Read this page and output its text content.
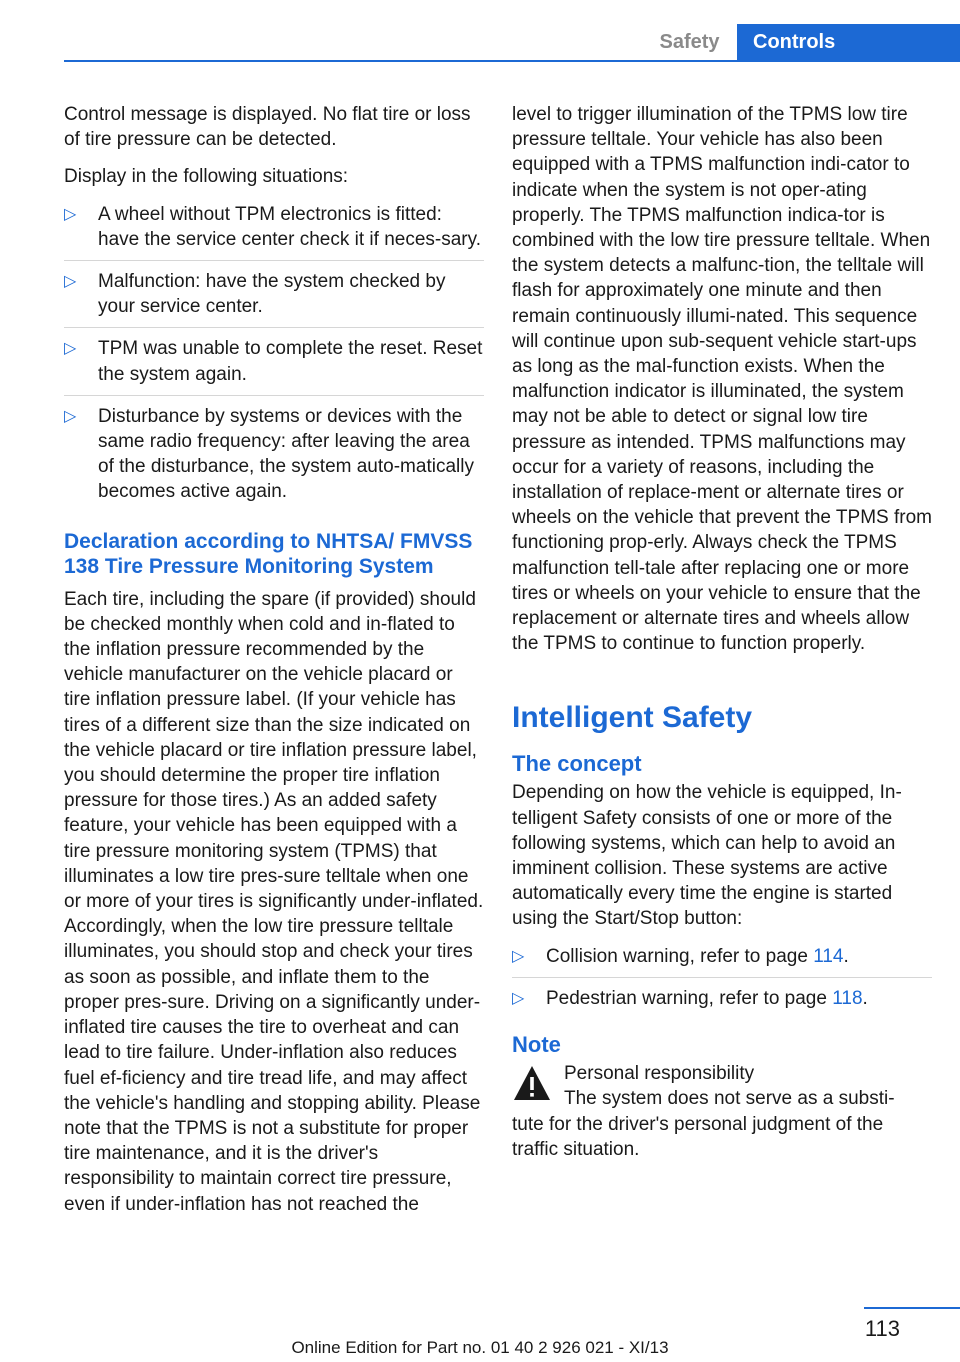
Safety	Controls

Control message is displayed. No flat tire or loss of tire pressure can be detected.

Display in the following situations:

▷ A wheel without TPM electronics is fitted: have the service center check it if neces‐sary.
▷ Malfunction: have the system checked by your service center.
▷ TPM was unable to complete the reset. Reset the system again.
▷ Disturbance by systems or devices with the same radio frequency: after leaving the area of the disturbance, the system auto‐matically becomes active again.
Declaration according to NHTSA/ FMVSS 138 Tire Pressure Monitoring System

Each tire, including the spare (if provided) should be checked monthly when cold and in‐flated to the inflation pressure recommended by the vehicle manufacturer on the vehicle placard or tire inflation pressure label. (If your vehicle has tires of a different size than the size indicated on the vehicle placard or tire inflation pressure label, you should determine the proper tire inflation pressure for those tires.) As an added safety feature, your vehicle has been equipped with a tire pressure monitoring system (TPMS) that illuminates a low tire pres‐sure telltale when one or more of your tires is significantly under-inflated. Accordingly, when the low tire pressure telltale illuminates, you should stop and check your tires as soon as possible, and inflate them to the proper pres‐sure. Driving on a significantly under-inflated tire causes the tire to overheat and can lead to tire failure. Under-inflation also reduces fuel ef‐ficiency and tire tread life, and may affect the vehicle's handling and stopping ability. Please note that the TPMS is not a substitute for proper tire maintenance, and it is the driver's responsibility to maintain correct tire pressure, even if under-inflation has not reached the

level to trigger illumination of the TPMS low tire pressure telltale. Your vehicle has also been equipped with a TPMS malfunction indi‐cator to indicate when the system is not oper‐ating properly. The TPMS malfunction indica‐tor is combined with the low tire pressure telltale. When the system detects a malfunc‐tion, the telltale will flash for approximately one minute and then remain continuously illumi‐nated. This sequence will continue upon sub‐sequent vehicle start-ups as long as the mal‐function exists. When the malfunction indicator is illuminated, the system may not be able to detect or signal low tire pressure as intended. TPMS malfunctions may occur for a variety of reasons, including the installation of replace‐ment or alternate tires or wheels on the vehicle that prevent the TPMS from functioning prop‐erly. Always check the TPMS malfunction tell‐tale after replacing one or more tires or wheels on your vehicle to ensure that the replacement or alternate tires and wheels allow the TPMS to continue to function properly.

Intelligent Safety
The concept

Depending on how the vehicle is equipped, In‐telligent Safety consists of one or more of the following systems, which can help to avoid an imminent collision. These systems are active automatically every time the engine is started using the Start/Stop button:

▷ Collision warning, refer to page 114.
▷ Pedestrian warning, refer to page 118.
Note
Personal responsibility
The system does not serve as a substi‐
tute for the driver's personal judgment of the traffic situation.
113
Online Edition for Part no. 01 40 2 926 021 - XI/13
